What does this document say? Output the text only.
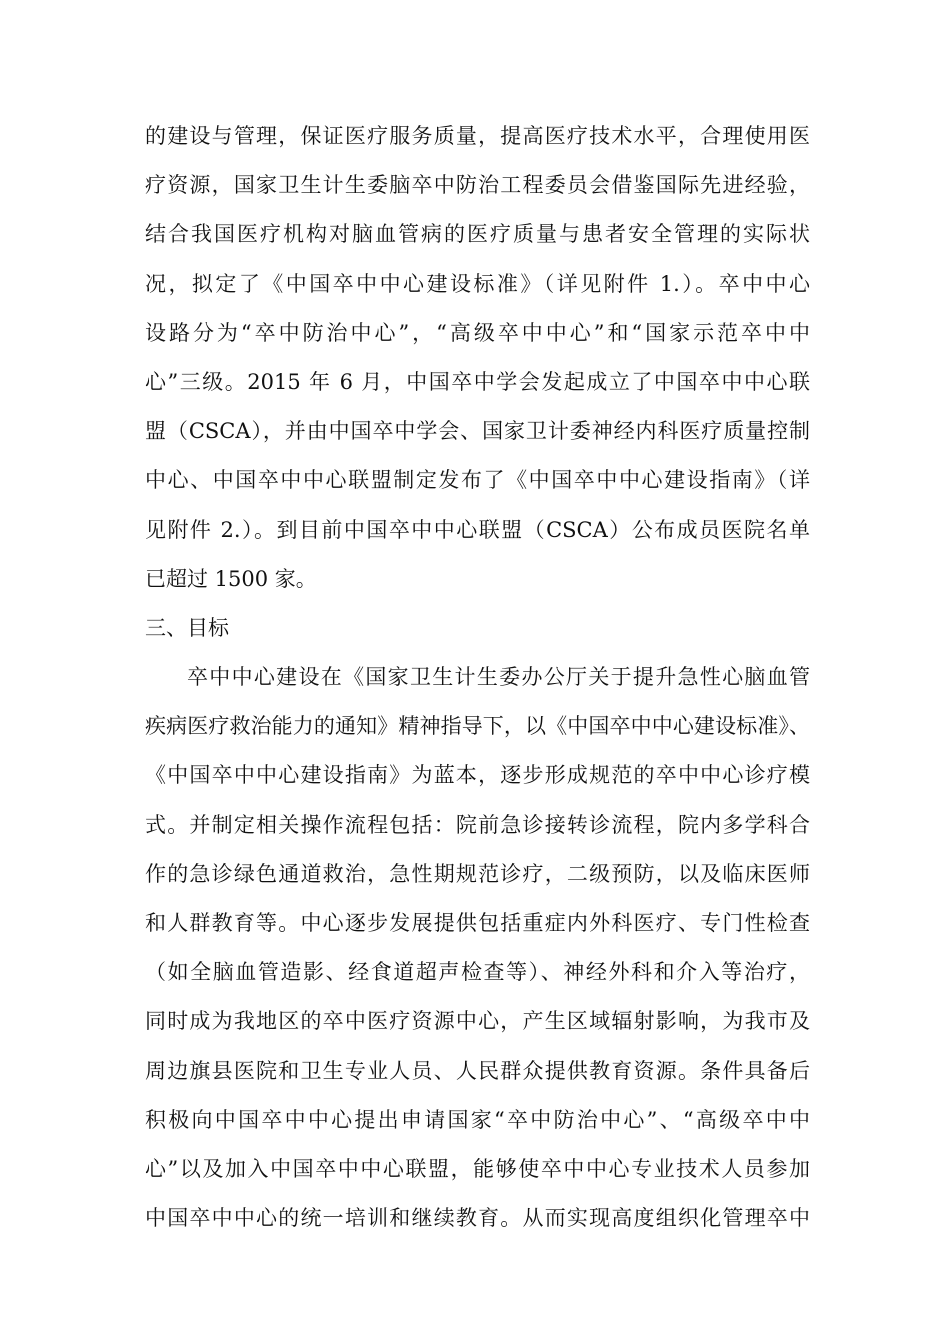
的建设与管理，保证医疗服务质量，提高医疗技术水平，合理使用医
疗资源，国家卫生计生委脑卒中防治工程委员会借鉴国际先进经验，
结合我国医疗机构对脑血管病的医疗质量与患者安全管理的实际状
况，拟定了《中国卒中中心建设标准》（详见附件 1.）。卒中中心
设路分为“卒中防治中心”，“高级卒中中心”和“国家示范卒中中
心”三级。2015 年 6 月，中国卒中学会发起成立了中国卒中中心联
盟（CSCA），并由中国卒中学会、国家卫计委神经内科医疗质量控制
中心、中国卒中中心联盟制定发布了《中国卒中中心建设指南》（详
见附件 2.）。到目前中国卒中中心联盟（CSCA）公布成员医院名单
已超过 1500 家。
三、目标
卒中中心建设在《国家卫生计生委办公厅关于提升急性心脑血管
疾病医疗救治能力的通知》精神指导下，以《中国卒中中心建设标准》、
《中国卒中中心建设指南》为蓝本，逐步形成规范的卒中中心诊疗模
式。并制定相关操作流程包括：院前急诊接转诊流程，院内多学科合
作的急诊绿色通道救治，急性期规范诊疗，二级预防，以及临床医师
和人群教育等。中心逐步发展提供包括重症内外科医疗、专门性检查
（如全脑血管造影、经食道超声检查等）、神经外科和介入等治疗，
同时成为我地区的卒中医疗资源中心，产生区域辐射影响，为我市及
周边旗县医院和卫生专业人员、人民群众提供教育资源。条件具备后
积极向中国卒中中心提出申请国家“卒中防治中心”、“高级卒中中
心”以及加入中国卒中中心联盟，能够使卒中中心专业技术人员参加
中国卒中中心的统一培训和继续教育。从而实现高度组织化管理卒中
